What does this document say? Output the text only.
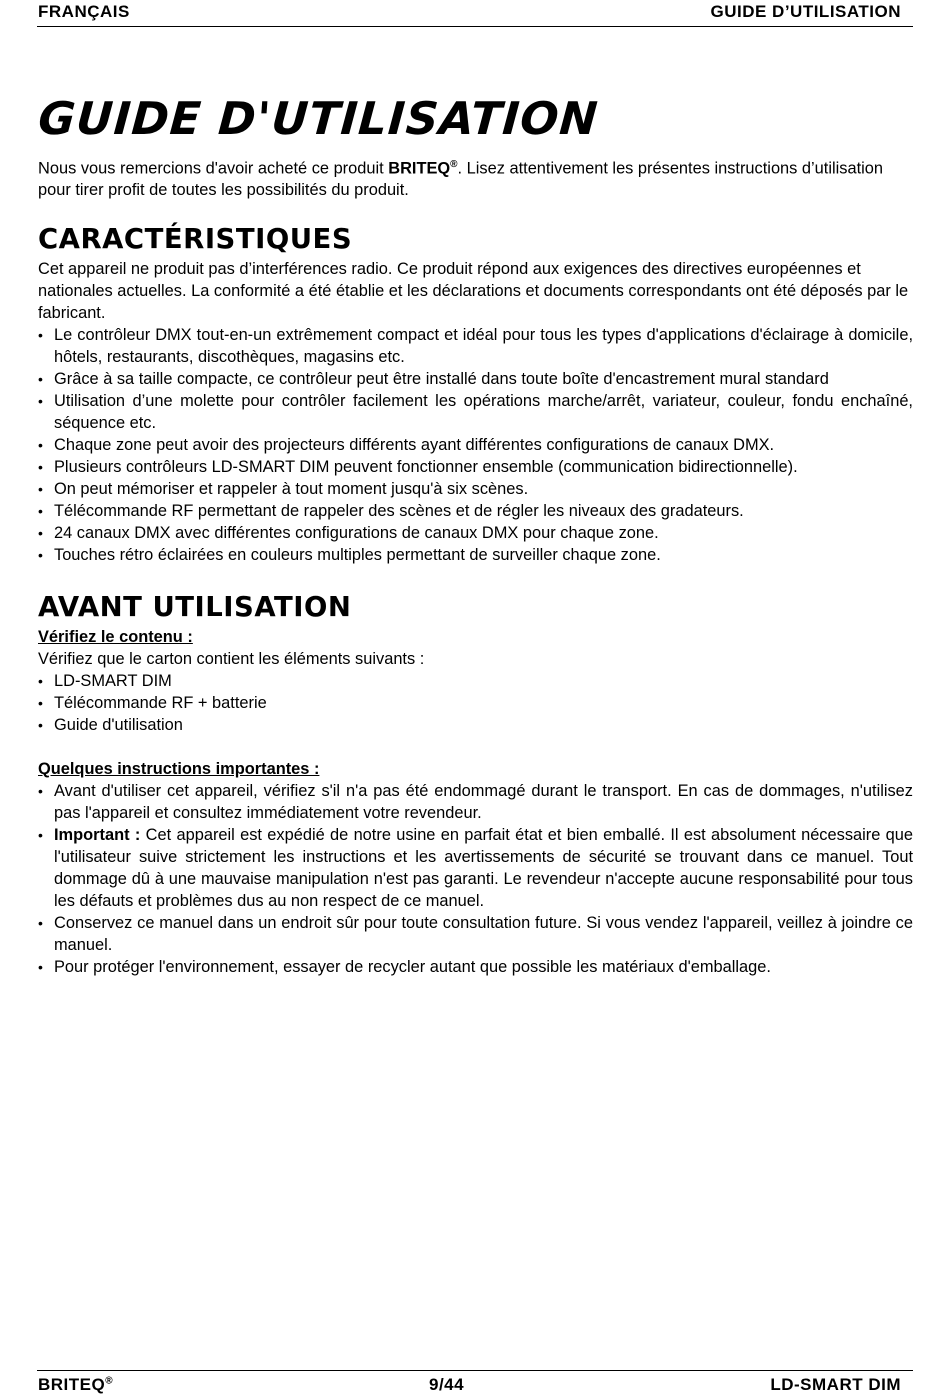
FRANÇAIS	GUIDE D’UTILISATION
GUIDE D'UTILISATION
Nous vous remercions d'avoir acheté ce produit BRITEQ®. Lisez attentivement les présentes instructions d’utilisation pour tirer profit de toutes les possibilités du produit.
CARACTÉRISTIQUES

Cet appareil ne produit pas d’interférences radio. Ce produit répond aux exigences des directives européennes et nationales actuelles. La conformité a été établie et les déclarations et documents correspondants ont été déposés par le fabricant.

• Le contrôleur DMX tout-en-un extrêmement compact et idéal pour tous les types d'applications d'éclairage à domicile, hôtels, restaurants, discothèques, magasins etc.
• Grâce à sa taille compacte, ce contrôleur peut être installé dans toute boîte d'encastrement mural standard
• Utilisation d’une molette pour contrôler facilement les opérations marche/arrêt, variateur, couleur, fondu enchaîné, séquence etc.
• Chaque zone peut avoir des projecteurs différents ayant différentes configurations de canaux DMX.
• Plusieurs contrôleurs LD-SMART DIM peuvent fonctionner ensemble (communication bidirectionnelle).
• On peut mémoriser et rappeler à tout moment jusqu'à six scènes.
• Télécommande RF permettant de rappeler des scènes et de régler les niveaux des gradateurs.
• 24 canaux DMX avec différentes configurations de canaux DMX pour chaque zone.
• Touches rétro éclairées en couleurs multiples permettant de surveiller chaque zone.
AVANT UTILISATION

Vérifiez le contenu :

Vérifiez que le carton contient les éléments suivants :

• LD-SMART DIM
• Télécommande RF + batterie
• Guide d'utilisation

Quelques instructions importantes :

• Avant d'utiliser cet appareil, vérifiez s'il n'a pas été endommagé durant le transport. En cas de dommages, n'utilisez pas l'appareil et consultez immédiatement votre revendeur.
• Important : Cet appareil est expédié de notre usine en parfait état et bien emballé. Il est absolument nécessaire que l'utilisateur suive strictement les instructions et les avertissements de sécurité se trouvant dans ce manuel. Tout dommage dû à une mauvaise manipulation n'est pas garanti. Le revendeur n'accepte aucune responsabilité pour tous les défauts et problèmes dus au non respect de ce manuel.
• Conservez ce manuel dans un endroit sûr pour toute consultation future. Si vous vendez l'appareil, veillez à joindre ce manuel.
• Pour protéger l'environnement, essayer de recycler autant que possible les matériaux d'emballage.
BRITEQ®	9/44	LD-SMART DIM
